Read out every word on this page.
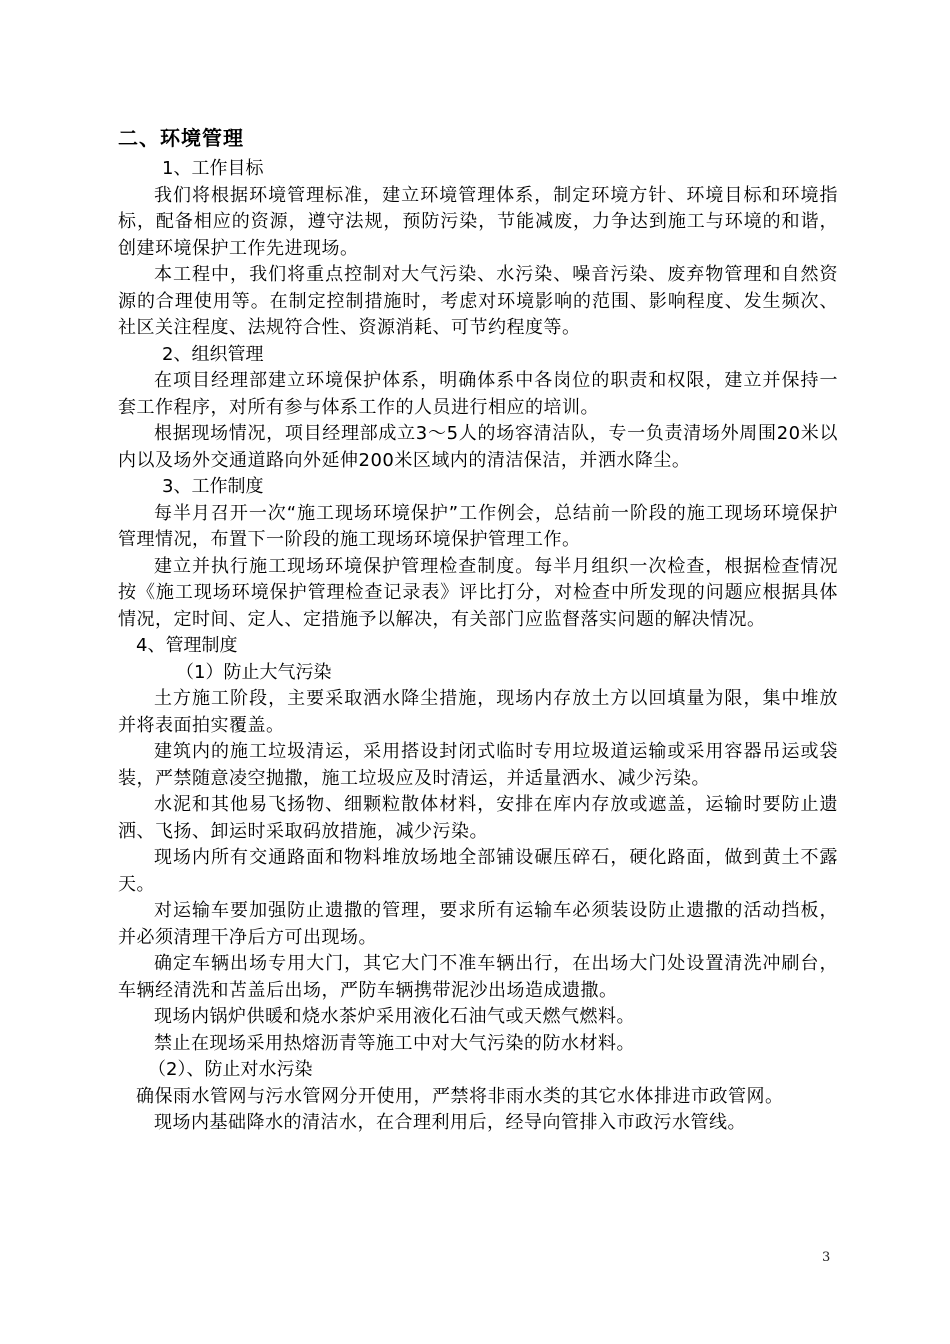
二、环境管理

1、工作目标

我们将根据环境管理标准，建立环境管理体系，制定环境方针、环境目标和环境指标，配备相应的资源，遵守法规，预防污染，节能减废，力争达到施工与环境的和谐，创建环境保护工作先进现场。

本工程中，我们将重点控制对大气污染、水污染、噪音污染、废弃物管理和自然资源的合理使用等。在制定控制措施时，考虑对环境影响的范围、影响程度、发生频次、社区关注程度、法规符合性、资源消耗、可节约程度等。

2、组织管理

在项目经理部建立环境保护体系，明确体系中各岗位的职责和权限，建立并保持一套工作程序，对所有参与体系工作的人员进行相应的培训。

根据现场情况，项目经理部成立3～5人的场容清洁队，专一负责清场外周围20米以内以及场外交通道路向外延伸200米区域内的清洁保洁，并洒水降尘。

3、工作制度

每半月召开一次“施工现场环境保护”工作例会，总结前一阶段的施工现场环境保护管理情况，布置下一阶段的施工现场环境保护管理工作。

建立并执行施工现场环境保护管理检查制度。每半月组织一次检查，根据检查情况按《施工现场环境保护管理检查记录表》评比打分，对检查中所发现的问题应根据具体情况，定时间、定人、定措施予以解决，有关部门应监督落实问题的解决情况。

4、管理制度

（1）防止大气污染

土方施工阶段，主要采取洒水降尘措施，现场内存放土方以回填量为限，集中堆放并将表面拍实覆盖。

建筑内的施工垃圾清运，采用搭设封闭式临时专用垃圾道运输或采用容器吊运或袋装，严禁随意凌空抛撒，施工垃圾应及时清运，并适量洒水、减少污染。

水泥和其他易飞扬物、细颗粒散体材料，安排在库内存放或遮盖，运输时要防止遗洒、飞扬、卸运时采取码放措施，减少污染。

现场内所有交通路面和物料堆放场地全部铺设碾压碎石，硬化路面，做到黄土不露天。

对运输车要加强防止遗撒的管理，要求所有运输车必须装设防止遗撒的活动挡板，并必须清理干净后方可出现场。

确定车辆出场专用大门，其它大门不准车辆出行，在出场大门处设置清洗冲刷台，车辆经清洗和苫盖后出场，严防车辆携带泥沙出场造成遗撒。

现场内锅炉供暖和烧水茶炉采用液化石油气或天燃气燃料。

禁止在现场采用热熔沥青等施工中对大气污染的防水材料。

（2）、防止对水污染

确保雨水管网与污水管网分开使用，严禁将非雨水类的其它水体排进市政管网。

现场内基础降水的清洁水，在合理利用后，经导向管排入市政污水管线。

3
